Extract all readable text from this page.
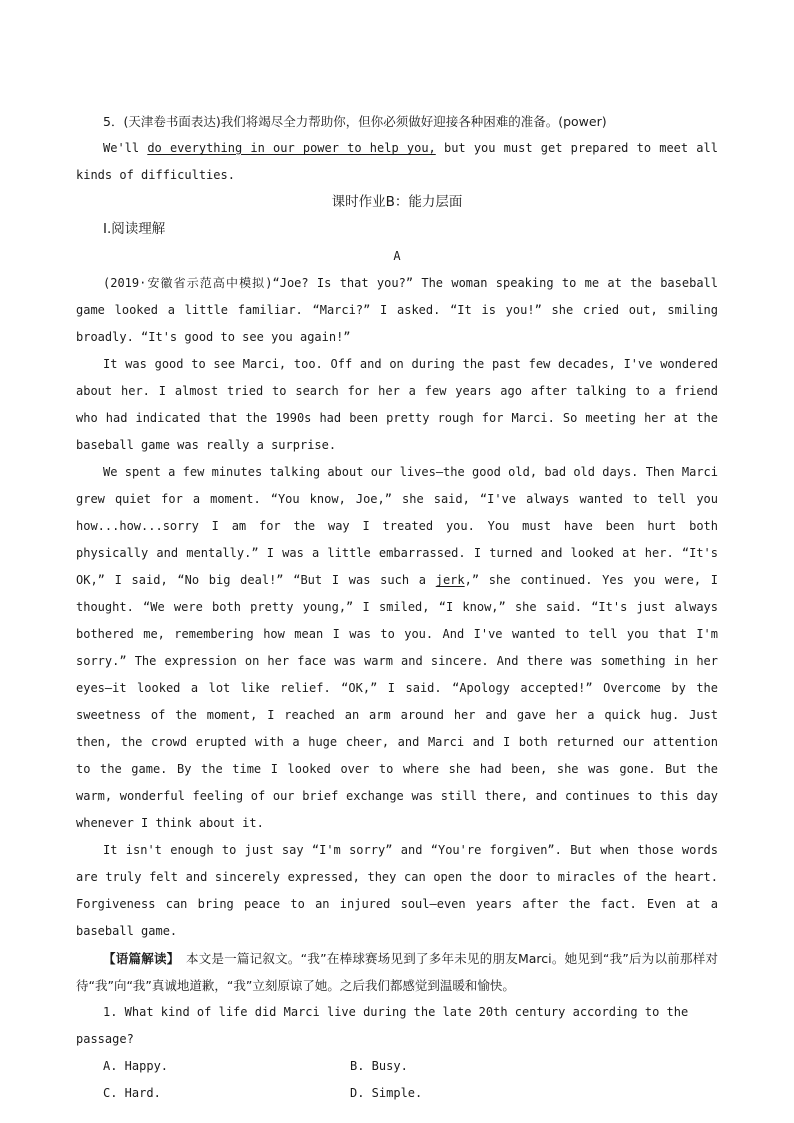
5．(天津卷书面表达)我们将竭尽全力帮助你，但你必须做好迎接各种困难的准备。(power)

We'll do everything in our power to help you, but you must get prepared to meet all kinds of difficulties.

课时作业B：能力层面

Ⅰ.阅读理解

A

(2019·安徽省示范高中模拟)“Joe? Is that you?” The woman speaking to me at the baseball game looked a little familiar. “Marci?” I asked. “It is you!” she cried out, smiling broadly. “It's good to see you again!”

It was good to see Marci, too. Off and on during the past few decades, I've wondered about her. I almost tried to search for her a few years ago after talking to a friend who had indicated that the 1990s had been pretty rough for Marci. So meeting her at the baseball game was really a surprise.

We spent a few minutes talking about our lives—the good old, bad old days. Then Marci grew quiet for a moment. “You know, Joe,” she said, “I've always wanted to tell you how...how...sorry I am for the way I treated you. You must have been hurt both physically and mentally.” I was a little embarrassed. I turned and looked at her. “It's OK,” I said, “No big deal!” “But I was such a jerk,” she continued. Yes you were, I thought. “We were both pretty young,” I smiled, “I know,” she said. “It's just always bothered me, remembering how mean I was to you. And I've wanted to tell you that I'm sorry.” The expression on her face was warm and sincere. And there was something in her eyes—it looked a lot like relief. “OK,” I said. “Apology accepted!” Overcome by the sweetness of the moment, I reached an arm around her and gave her a quick hug. Just then, the crowd erupted with a huge cheer, and Marci and I both returned our attention to the game. By the time I looked over to where she had been, she was gone. But the warm, wonderful feeling of our brief exchange was still there, and continues to this day whenever I think about it.

It isn't enough to just say “I'm sorry” and “You're forgiven”. But when those words are truly felt and sincerely expressed, they can open the door to miracles of the heart. Forgiveness can bring peace to an injured soul—even years after the fact. Even at a baseball game.

【语篇解读】　本文是一篇记叙文。“我”在棒球赛场见到了多年未见的朋友Marci。她见到“我”后为以前那样对待“我”向“我”真诚地道歉，“我”立刻原谅了她。之后我们都感觉到温暖和愉快。

1. What kind of life did Marci live during the late 20th century according to the passage?

A. Happy.	B. Busy.
C. Hard.	D. Simple.
